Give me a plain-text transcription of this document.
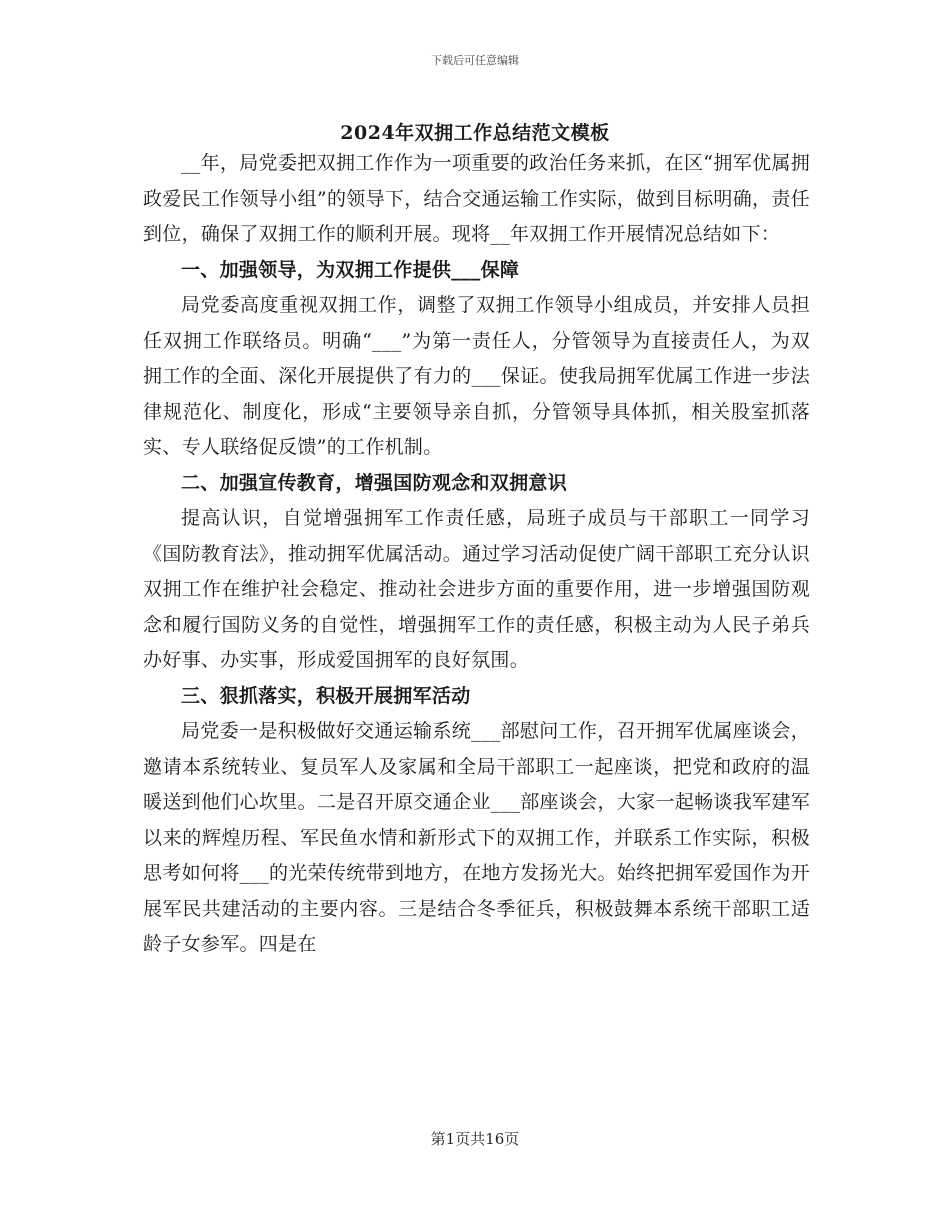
下载后可任意编辑
2024年双拥工作总结范文模板

__年，局党委把双拥工作作为一项重要的政治任务来抓，在区“拥军优属拥政爱民工作领导小组”的领导下，结合交通运输工作实际，做到目标明确，责任到位，确保了双拥工作的顺利开展。现将__年双拥工作开展情况总结如下：

一、加强领导，为双拥工作提供___保障

局党委高度重视双拥工作，调整了双拥工作领导小组成员，并安排人员担任双拥工作联络员。明确“___”为第一责任人，分管领导为直接责任人，为双拥工作的全面、深化开展提供了有力的___保证。使我局拥军优属工作进一步法律规范化、制度化，形成“主要领导亲自抓，分管领导具体抓，相关股室抓落实、专人联络促反馈”的工作机制。

二、加强宣传教育，增强国防观念和双拥意识

提高认识，自觉增强拥军工作责任感，局班子成员与干部职工一同学习《国防教育法》，推动拥军优属活动。通过学习活动促使广阔干部职工充分认识双拥工作在维护社会稳定、推动社会进步方面的重要作用，进一步增强国防观念和履行国防义务的自觉性，增强拥军工作的责任感，积极主动为人民子弟兵办好事、办实事，形成爱国拥军的良好氛围。

三、狠抓落实，积极开展拥军活动

局党委一是积极做好交通运输系统___部慰问工作，召开拥军优属座谈会，邀请本系统转业、复员军人及家属和全局干部职工一起座谈，把党和政府的温暖送到他们心坎里。二是召开原交通企业___部座谈会，大家一起畅谈我军建军以来的辉煌历程、军民鱼水情和新形式下的双拥工作，并联系工作实际，积极思考如何将___的光荣传统带到地方，在地方发扬光大。始终把拥军爱国作为开展军民共建活动的主要内容。三是结合冬季征兵，积极鼓舞本系统干部职工适龄子女参军。四是在

第1页共16页
